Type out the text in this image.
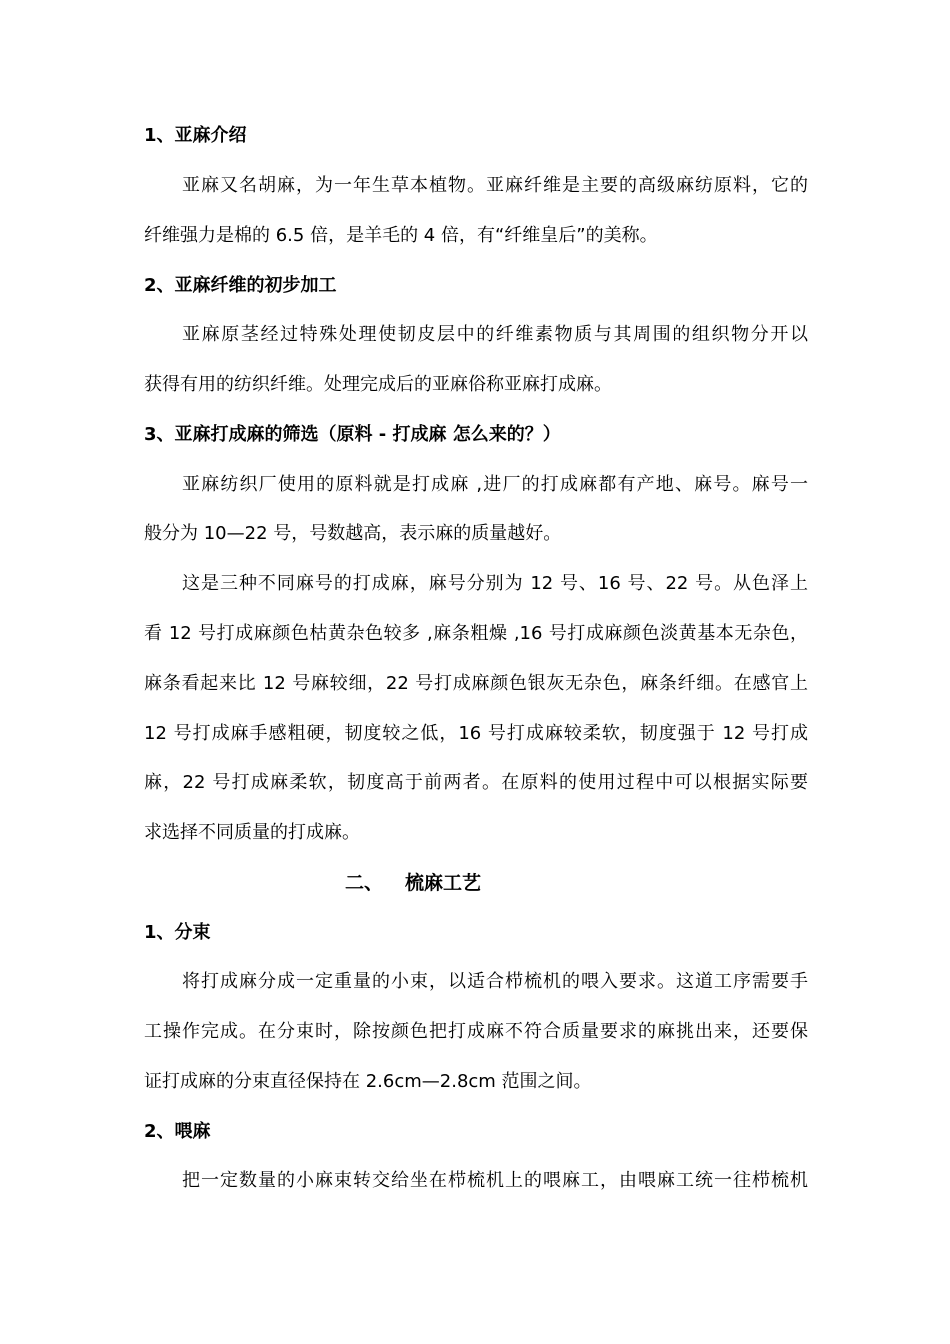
1、亚麻介绍
亚麻又名胡麻，为一年生草本植物。亚麻纤维是主要的高级麻纺原料，它的
纤维强力是棉的 6.5 倍，是羊毛的 4 倍，有“纤维皇后”的美称。
2、亚麻纤维的初步加工
亚麻原茎经过特殊处理使韧皮层中的纤维素物质与其周围的组织物分开以
获得有用的纺织纤维。处理完成后的亚麻俗称亚麻打成麻。
3、亚麻打成麻的筛选（原料 - 打成麻 怎么来的？）
亚麻纺织厂使用的原料就是打成麻 ,进厂的打成麻都有产地、麻号。麻号一
般分为 10—22 号，号数越高，表示麻的质量越好。
这是三种不同麻号的打成麻，麻号分别为 12 号、16 号、22 号。从色泽上
看 12 号打成麻颜色枯黄杂色较多 ,麻条粗燥 ,16 号打成麻颜色淡黄基本无杂色，
麻条看起来比 12 号麻较细，22 号打成麻颜色银灰无杂色，麻条纤细。在感官上
12 号打成麻手感粗硬，韧度较之低，16 号打成麻较柔软，韧度强于 12 号打成
麻，22 号打成麻柔软，韧度高于前两者。在原料的使用过程中可以根据实际要
求选择不同质量的打成麻。
二、 梳麻工艺
1、分束
将打成麻分成一定重量的小束，以适合栉梳机的喂入要求。这道工序需要手
工操作完成。在分束时，除按颜色把打成麻不符合质量要求的麻挑出来，还要保
证打成麻的分束直径保持在 2.6cm—2.8cm 范围之间。
2、喂麻
把一定数量的小麻束转交给坐在栉梳机上的喂麻工，由喂麻工统一往栉梳机
